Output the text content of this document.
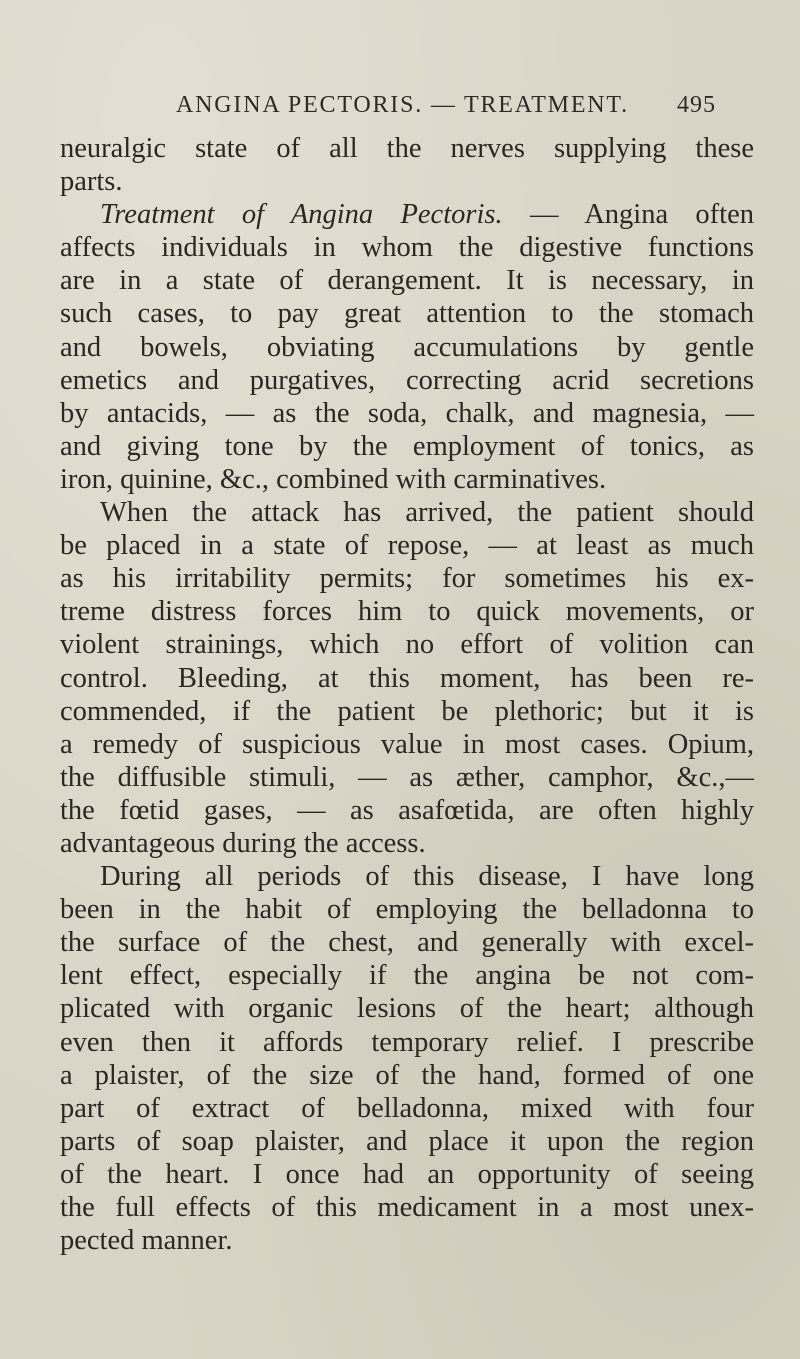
ANGINA PECTORIS. — TREATMENT. 495
neuralgic state of all the nerves supplying these
parts.
Treatment of Angina Pectoris. — Angina often
affects individuals in whom the digestive functions
are in a state of derangement. It is necessary, in
such cases, to pay great attention to the stomach
and bowels, obviating accumulations by gentle
emetics and purgatives, correcting acrid secretions
by antacids, — as the soda, chalk, and magnesia, —
and giving tone by the employment of tonics, as
iron, quinine, &c., combined with carminatives.
When the attack has arrived, the patient should
be placed in a state of repose, — at least as much
as his irritability permits; for sometimes his ex-
treme distress forces him to quick movements, or
violent strainings, which no effort of volition can
control. Bleeding, at this moment, has been re-
commended, if the patient be plethoric; but it is
a remedy of suspicious value in most cases. Opium,
the diffusible stimuli, — as æther, camphor, &c.,—
the fœtid gases, — as asafœtida, are often highly
advantageous during the access.
During all periods of this disease, I have long
been in the habit of employing the belladonna to
the surface of the chest, and generally with excel-
lent effect, especially if the angina be not com-
plicated with organic lesions of the heart; although
even then it affords temporary relief. I prescribe
a plaister, of the size of the hand, formed of one
part of extract of belladonna, mixed with four
parts of soap plaister, and place it upon the region
of the heart. I once had an opportunity of seeing
the full effects of this medicament in a most unex-
pected manner.
